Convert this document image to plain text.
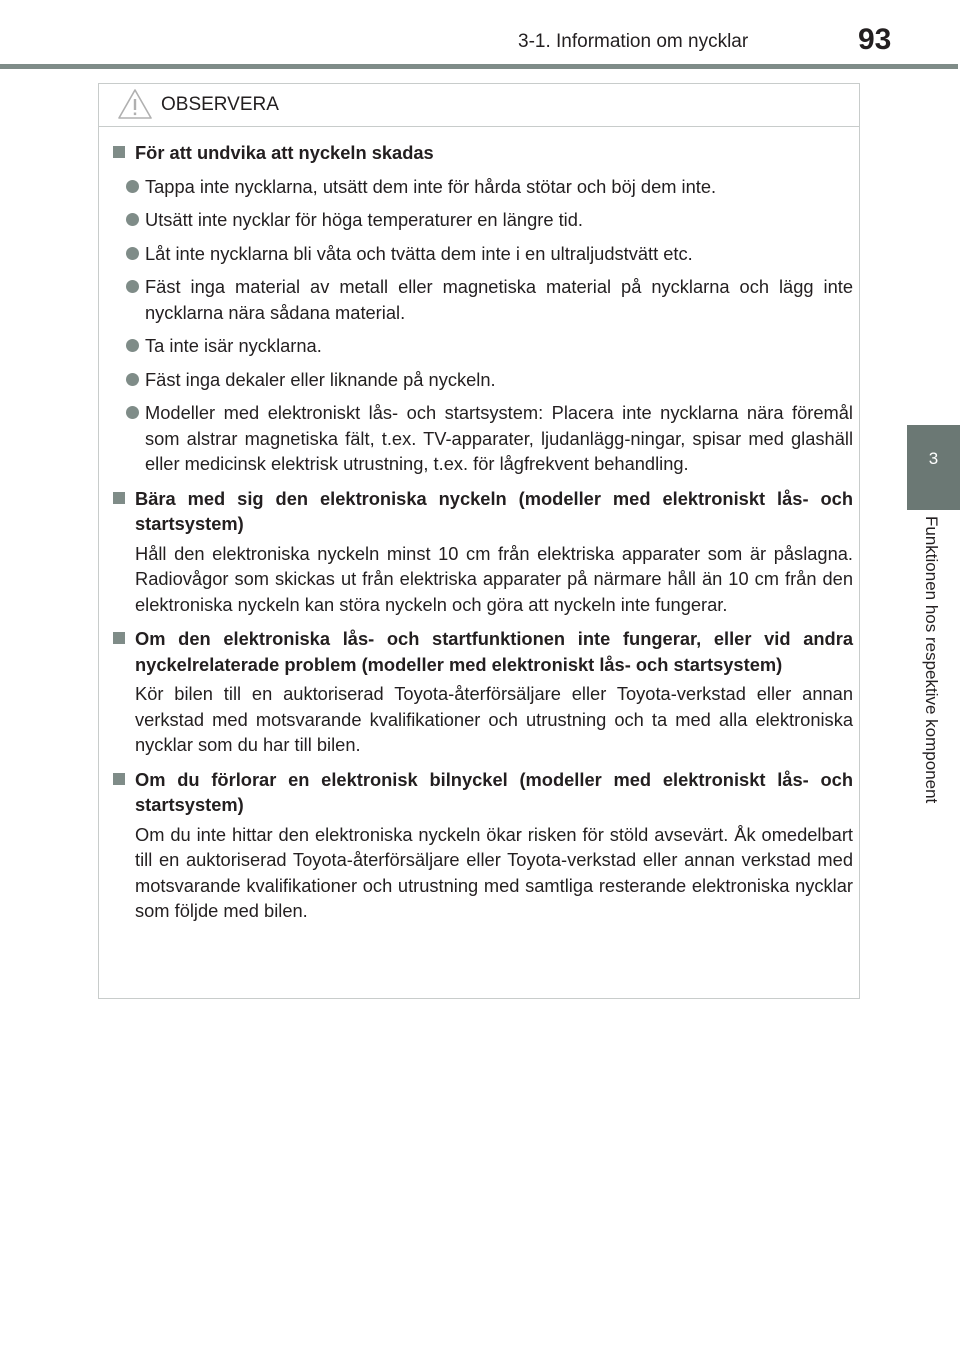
3-1. Information om nycklar	93
3
Funktionen hos respektive komponent
OBSERVERA
För att undvika att nyckeln skadas
Tappa inte nycklarna, utsätt dem inte för hårda stötar och böj dem inte.
Utsätt inte nycklar för höga temperaturer en längre tid.
Låt inte nycklarna bli våta och tvätta dem inte i en ultraljudstvätt etc.
Fäst inga material av metall eller magnetiska material på nycklarna och lägg inte nycklarna nära sådana material.
Ta inte isär nycklarna.
Fäst inga dekaler eller liknande på nyckeln.
Modeller med elektroniskt lås- och startsystem: Placera inte nycklarna nära föremål som alstrar magnetiska fält, t.ex. TV-apparater, ljudanlägg-ningar, spisar med glashäll eller medicinsk elektrisk utrustning, t.ex. för lågfrekvent behandling.
Bära med sig den elektroniska nyckeln (modeller med elektroniskt lås- och startsystem)
Håll den elektroniska nyckeln minst 10 cm från elektriska apparater som är påslagna. Radiovågor som skickas ut från elektriska apparater på närmare håll än 10 cm från den elektroniska nyckeln kan störa nyckeln och göra att nyckeln inte fungerar.
Om den elektroniska lås- och startfunktionen inte fungerar, eller vid andra nyckelrelaterade problem (modeller med elektroniskt lås- och startsystem)
Kör bilen till en auktoriserad Toyota-återförsäljare eller Toyota-verkstad eller annan verkstad med motsvarande kvalifikationer och utrustning och ta med alla elektroniska nycklar som du har till bilen.
Om du förlorar en elektronisk bilnyckel (modeller med elektroniskt lås- och startsystem)
Om du inte hittar den elektroniska nyckeln ökar risken för stöld avsevärt. Åk omedelbart till en auktoriserad Toyota-återförsäljare eller Toyota-verkstad eller annan verkstad med motsvarande kvalifikationer och utrustning med samtliga resterande elektroniska nycklar som följde med bilen.
